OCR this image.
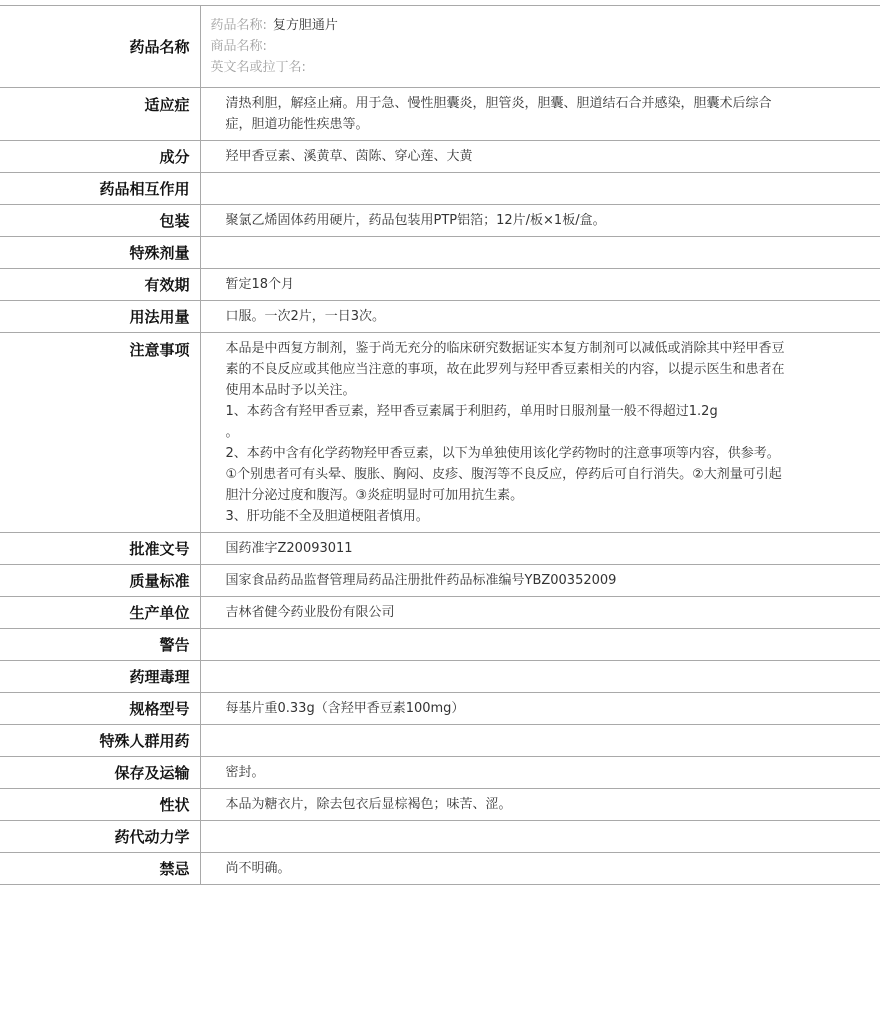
药品名称	药品名称: 复方胆通片
商品名称:
英文名或拉丁名:

适应症	清热利胆，解痉止痛。用于急、慢性胆囊炎，胆管炎，胆囊、胆道结石合并感染，胆囊术后综合症，胆道功能性疾患等。
成分	羟甲香豆素、溪黄草、茵陈、穿心莲、大黄
药品相互作用	
包装	聚氯乙烯固体药用硬片，药品包装用PTP铝箔；12片/板×1板/盒。
特殊剂量	
有效期	暂定18个月
用法用量	口服。一次2片，一日3次。
注意事项	本品是中西复方制剂，鉴于尚无充分的临床研究数据证实本复方制剂可以减低或消除其中羟甲香豆素的不良反应或其他应当注意的事项，故在此罗列与羟甲香豆素相关的内容，以提示医生和患者在使用本品时予以关注。

1、本药含有羟甲香豆素，羟甲香豆素属于利胆药，单用时日服剂量一般不得超过1.2g

。

2、本药中含有化学药物羟甲香豆素，以下为单独使用该化学药物时的注意事项等内容，供参考。①个别患者可有头晕、腹胀、胸闷、皮疹、腹泻等不良反应，停药后可自行消失。②大剂量可引起胆汁分泌过度和腹泻。③炎症明显时可加用抗生素。

3、肝功能不全及胆道梗阻者慎用。

批准文号	国药准字Z20093011
质量标准	国家食品药品监督管理局药品注册批件药品标准编号YBZ00352009
生产单位	吉林省健今药业股份有限公司
警告	
药理毒理	
规格型号	每基片重0.33g（含羟甲香豆素100mg）
特殊人群用药	
保存及运输	密封。
性状	本品为糖衣片，除去包衣后显棕褐色；味苦、涩。
药代动力学	
禁忌	尚不明确。
